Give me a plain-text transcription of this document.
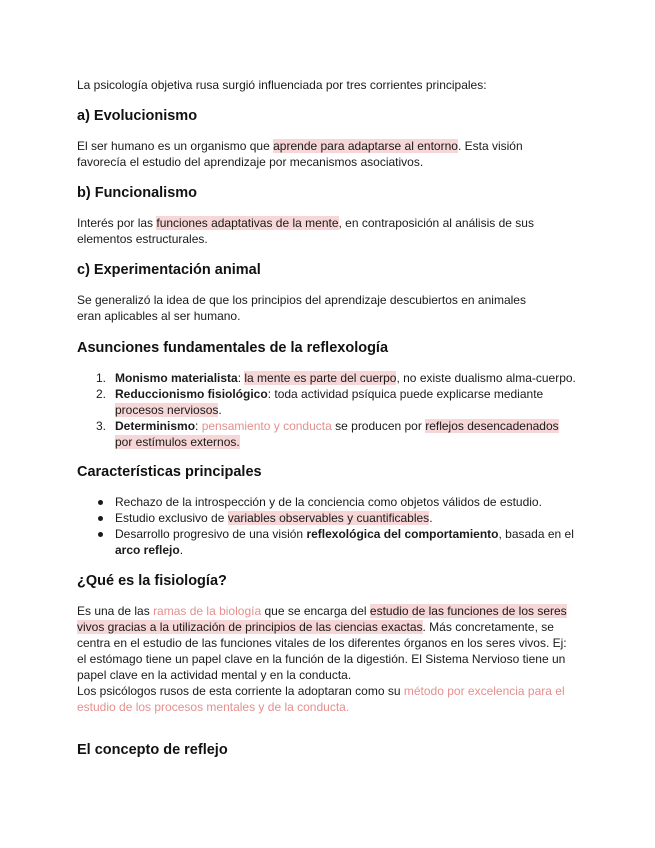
La psicología objetiva rusa surgió influenciada por tres corrientes principales:

a) Evolucionismo

El ser humano es un organismo que aprende para adaptarse al entorno. Esta visión favorecía el estudio del aprendizaje por mecanismos asociativos.

b) Funcionalismo

Interés por las funciones adaptativas de la mente, en contraposición al análisis de sus elementos estructurales.

c) Experimentación animal

Se generalizó la idea de que los principios del aprendizaje descubiertos en animales eran aplicables al ser humano.

Asunciones fundamentales de la reflexología
1. Monismo materialista: la mente es parte del cuerpo, no existe dualismo alma-cuerpo.
2. Reduccionismo fisiológico: toda actividad psíquica puede explicarse mediante procesos nerviosos.
3. Determinismo: pensamiento y conducta se producen por reflejos desencadenados por estímulos externos.
Características principales
Rechazo de la introspección y de la conciencia como objetos válidos de estudio.
Estudio exclusivo de variables observables y cuantificables.
Desarrollo progresivo de una visión reflexológica del comportamiento, basada en el arco reflejo.
¿Qué es la fisiología?

Es una de las ramas de la biología que se encarga del estudio de las funciones de los seres vivos gracias a la utilización de principios de las ciencias exactas. Más concretamente, se centra en el estudio de las funciones vitales de los diferentes órganos en los seres vivos. Ej: el estómago tiene un papel clave en la función de la digestión. El Sistema Nervioso tiene un papel clave en la actividad mental y en la conducta.
Los psicólogos rusos de esta corriente la adoptaran como su método por excelencia para el estudio de los procesos mentales y de la conducta.

El concepto de reflejo
